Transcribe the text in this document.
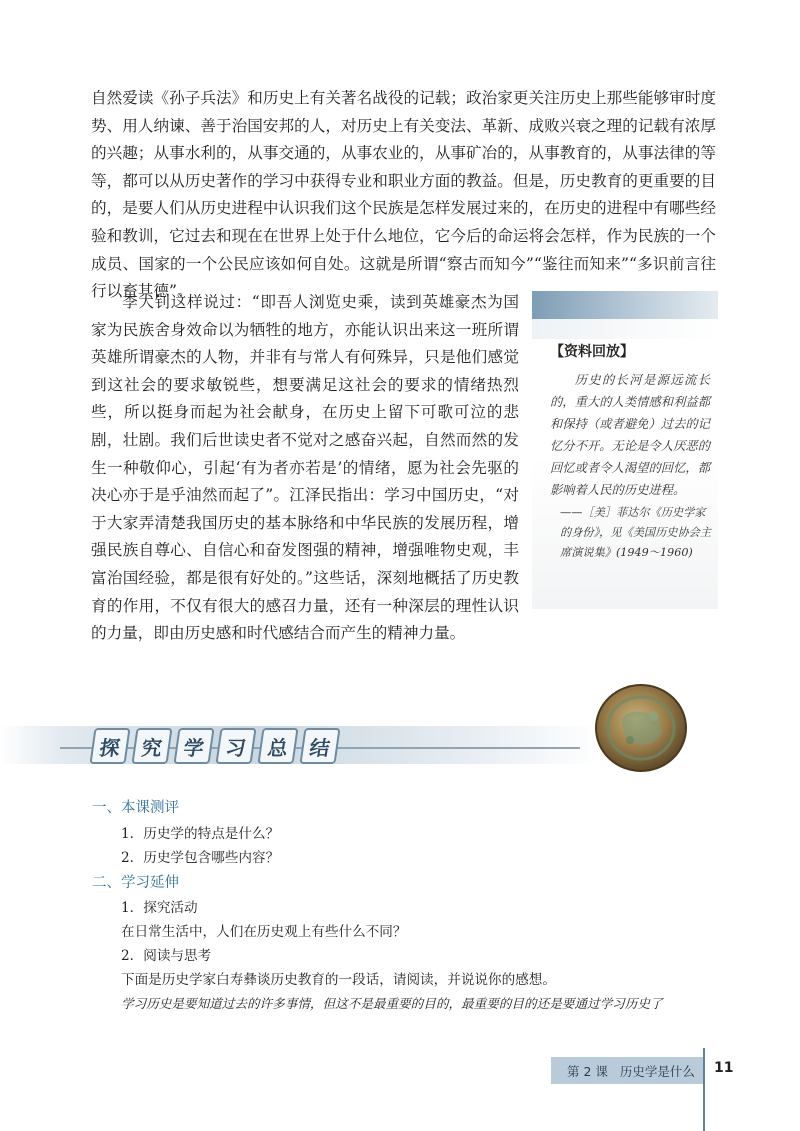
自然爱读《孙子兵法》和历史上有关著名战役的记载；政治家更关注历史上那些能够审时度势、用人纳谏、善于治国安邦的人，对历史上有关变法、革新、成败兴衰之理的记载有浓厚的兴趣；从事水利的，从事交通的，从事农业的，从事矿冶的，从事教育的，从事法律的等等，都可以从历史著作的学习中获得专业和职业方面的教益。但是，历史教育的更重要的目的，是要人们从历史进程中认识我们这个民族是怎样发展过来的，在历史的进程中有哪些经验和教训，它过去和现在在世界上处于什么地位，它今后的命运将会怎样，作为民族的一个成员、国家的一个公民应该如何自处。这就是所谓“察古而知今”“鉴往而知来”“多识前言往行以畜其德”。

李大钊这样说过：“即吾人浏览史乘，读到英雄豪杰为国家为民族舍身效命以为牺牲的地方，亦能认识出来这一班所谓英雄所谓豪杰的人物，并非有与常人有何殊异，只是他们感觉到这社会的要求敏锐些，想要满足这社会的要求的情绪热烈些，所以挺身而起为社会献身，在历史上留下可歌可泣的悲剧，壮剧。我们后世读史者不觉对之感奋兴起，自然而然的发生一种敬仰心，引起‘有为者亦若是’的情绪，愿为社会先驱的决心亦于是乎油然而起了”。江泽民指出：学习中国历史，“对于大家弄清楚我国历史的基本脉络和中华民族的发展历程，增强民族自尊心、自信心和奋发图强的精神，增强唯物史观，丰富治国经验，都是很有好处的。”这些话，深刻地概括了历史教育的作用，不仅有很大的感召力量，还有一种深层的理性认识的力量，即由历史感和时代感结合而产生的精神力量。

【资料回放】

历史的长河是源远流长的，重大的人类情感和利益都和保持（或者避免）过去的记忆分不开。无论是令人厌恶的回忆或者令人渴望的回忆，都影响着人民的历史进程。

——［美］菲达尔《历史学家的身份》，见《美国历史协会主席演说集》(1949～1960)
探 究 学 习 总 结
一、本课测评
1．历史学的特点是什么？
2．历史学包含哪些内容？
二、学习延伸
1．探究活动
在日常生活中，人们在历史观上有些什么不同？
2．阅读与思考
下面是历史学家白寿彝谈历史教育的一段话，请阅读，并说说你的感想。
学习历史是要知道过去的许多事情，但这不是最重要的目的，最重要的目的还是要通过学习历史了
第 2 课 历史学是什么 11
